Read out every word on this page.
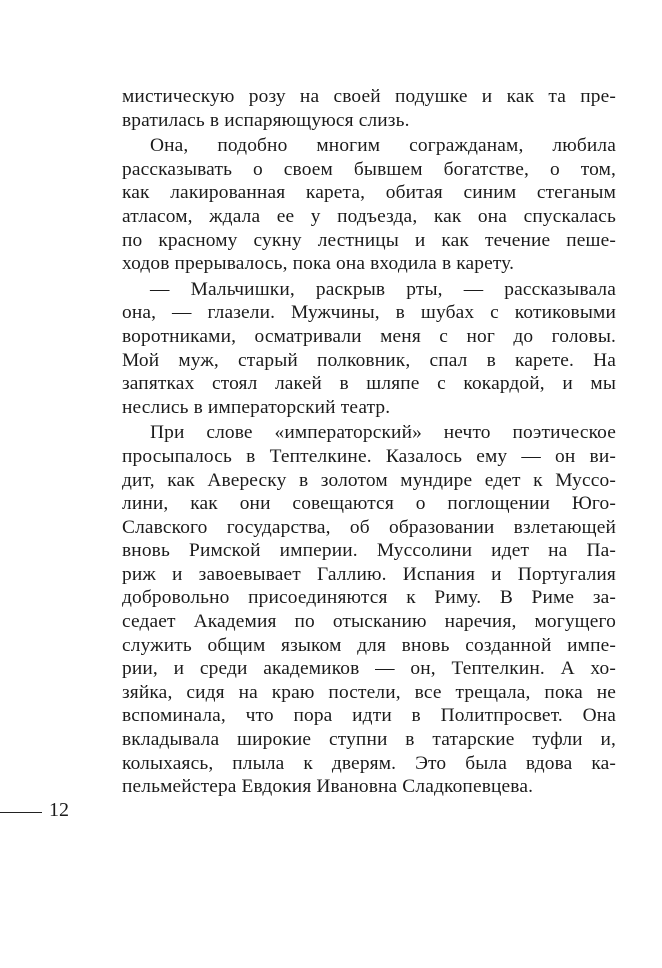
мистическую розу на своей подушке и как та пре-
вратилась в испаряющуюся слизь.
Она, подобно многим согражданам, любила
рассказывать о своем бывшем богатстве, о том,
как лакированная карета, обитая синим стеганым
атласом, ждала ее у подъезда, как она спускалась
по красному сукну лестницы и как течение пеше-
ходов прерывалось, пока она входила в карету.
— Мальчишки, раскрыв рты, — рассказывала
она, — глазели. Мужчины, в шубах с котиковыми
воротниками, осматривали меня с ног до головы.
Мой муж, старый полковник, спал в карете. На
запятках стоял лакей в шляпе с кокардой, и мы
неслись в императорский театр.
При слове «императорский» нечто поэтическое
просыпалось в Тептелкине. Казалось ему — он ви-
дит, как Авереску в золотом мундире едет к Муссо-
лини, как они совещаются о поглощении Юго-
Славского государства, об образовании взлетающей
вновь Римской империи. Муссолини идет на Па-
риж и завоевывает Галлию. Испания и Португалия
добровольно присоединяются к Риму. В Риме за-
седает Академия по отысканию наречия, могущего
служить общим языком для вновь созданной импе-
рии, и среди академиков — он, Тептелкин. А хо-
зяйка, сидя на краю постели, все трещала, пока не
вспоминала, что пора идти в Политпросвет. Она
вкладывала широкие ступни в татарские туфли и,
колыхаясь, плыла к дверям. Это была вдова ка-
пельмейстера Евдокия Ивановна Сладкопевцева.
12
